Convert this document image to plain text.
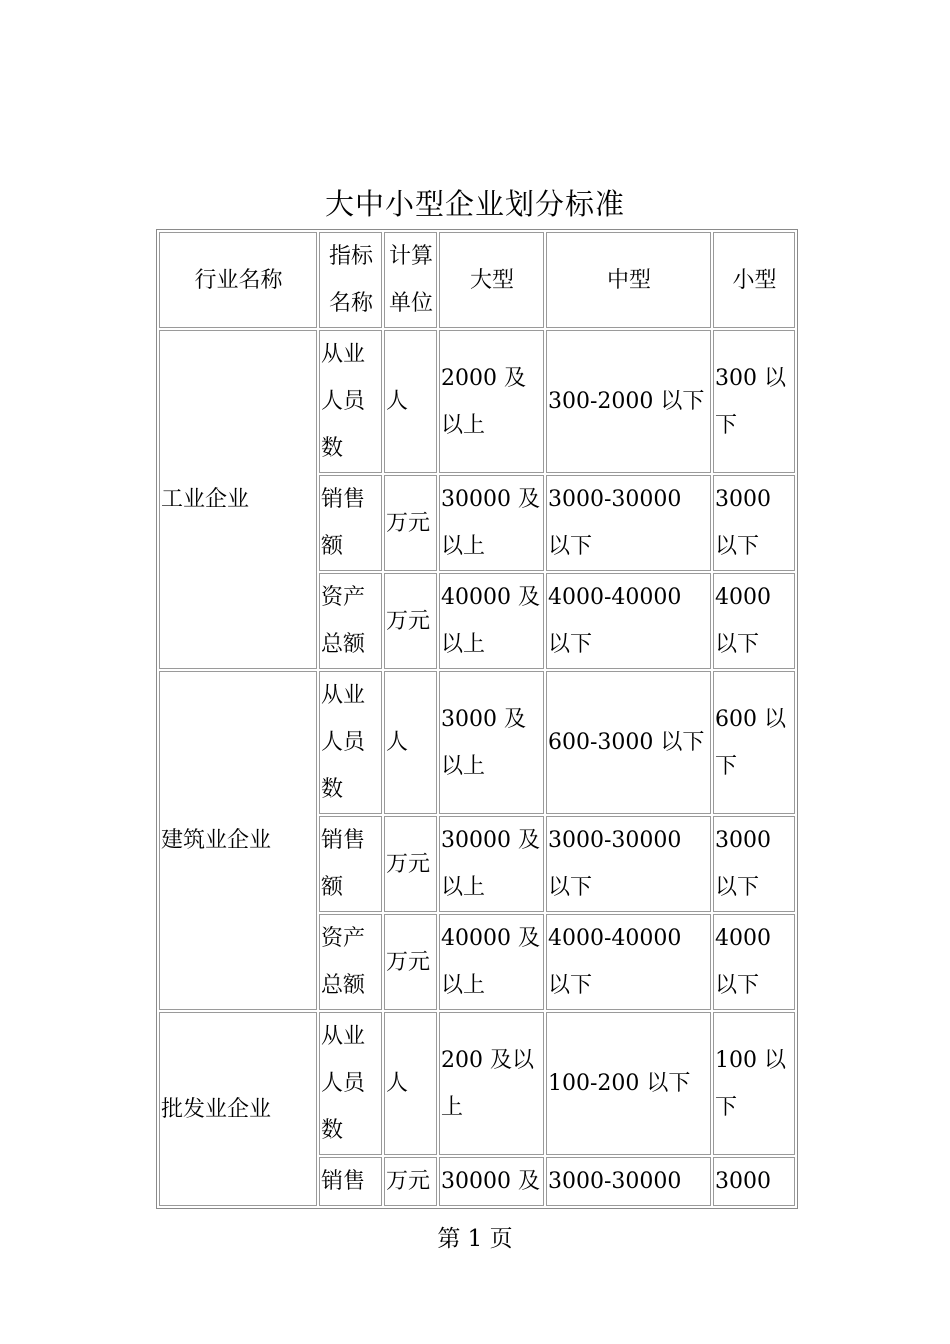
大中小型企业划分标准
行业名称	指标名称	计算单位	大型	中型	小型
工业企业	从业人员数	人	2000 及以上	300-2000 以下	300 以下
	销售额	万元	30000 及以上	3000-30000 以下	3000 以下
	资产总额	万元	40000 及以上	4000-40000 以下	4000 以下
建筑业企业	从业人员数	人	3000 及以上	600-3000 以下	600 以下
	销售额	万元	30000 及以上	3000-30000 以下	3000 以下
	资产总额	万元	40000 及以上	4000-40000 以下	4000 以下
批发业企业	从业人员数	人	200 及以上	100-200 以下	100 以下
	销售	万元	30000 及	3000-30000	3000
第 1 页
